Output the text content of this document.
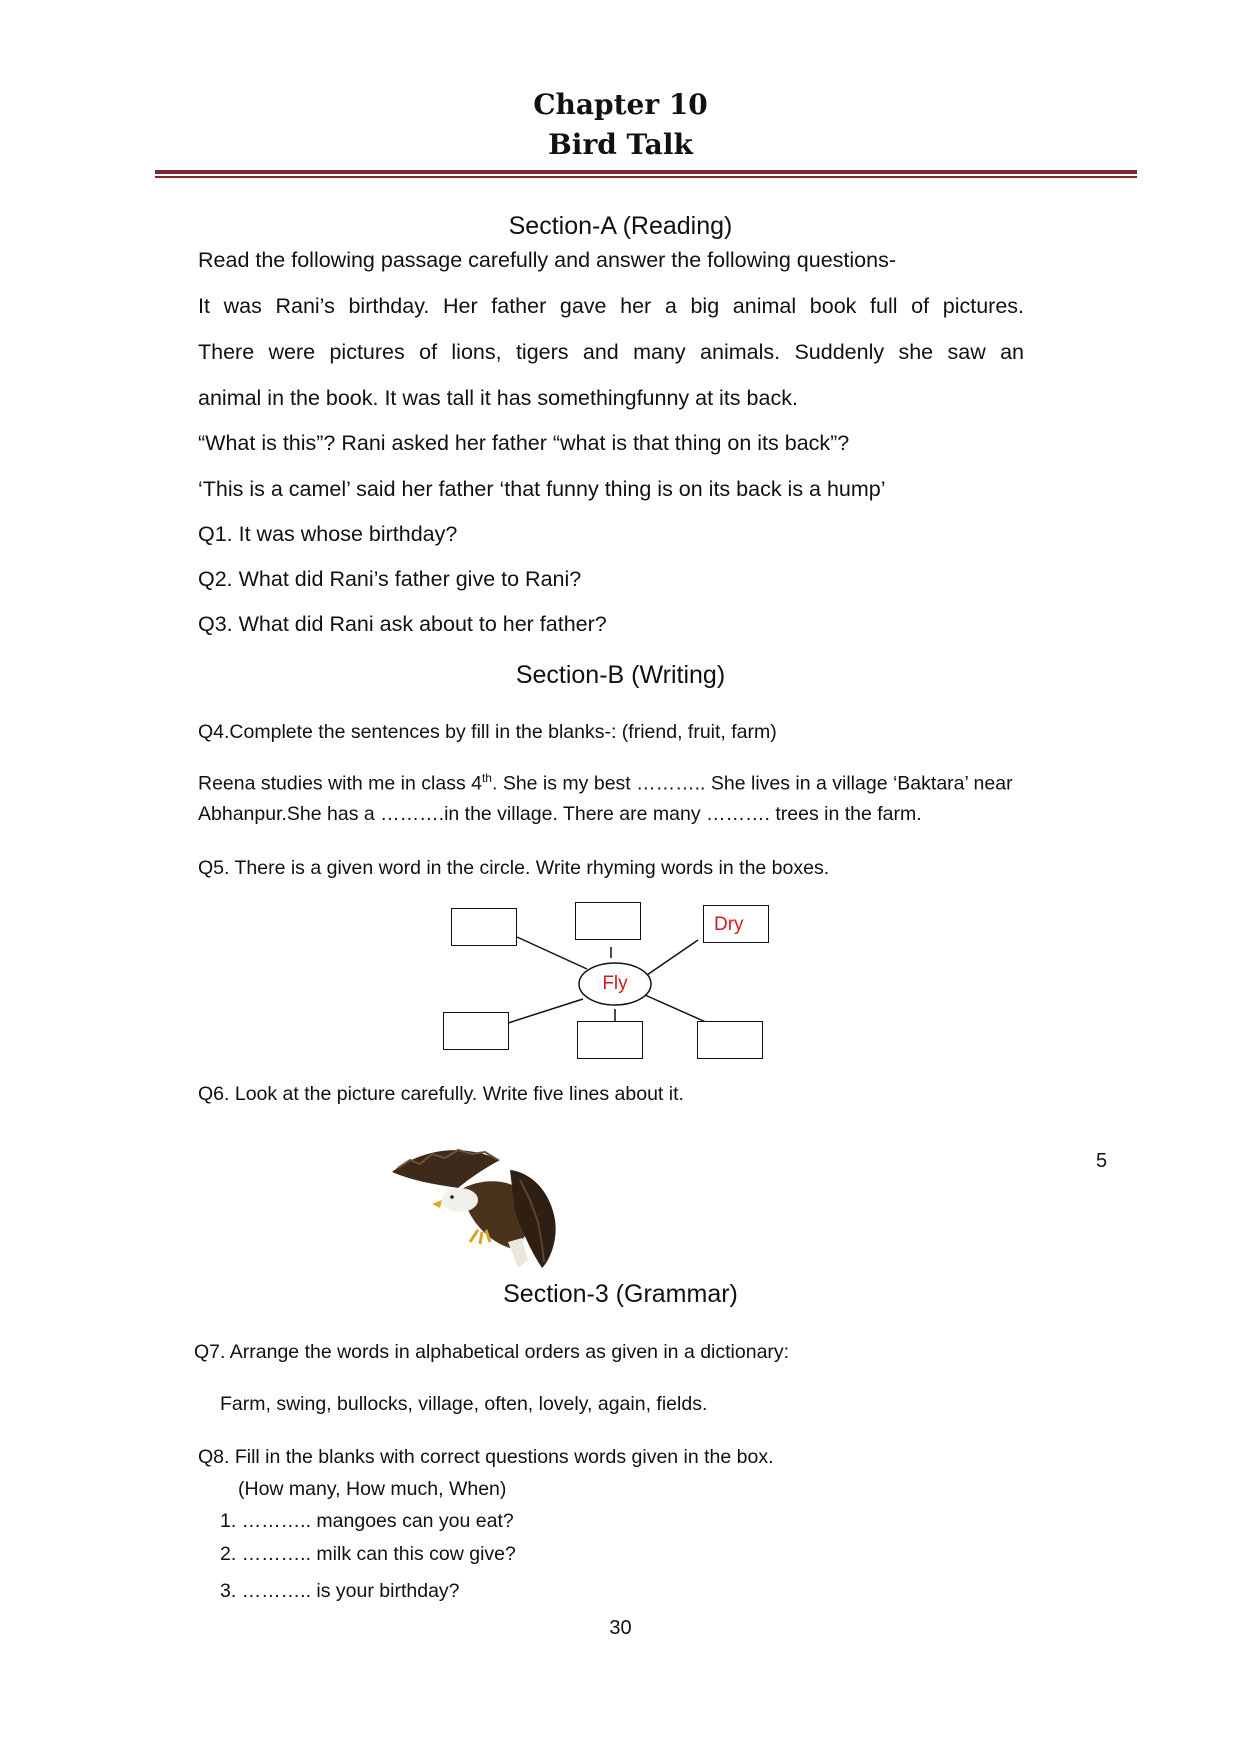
Chapter 10
Bird Talk
Section-A (Reading)

Read the following passage carefully and answer the following questions-

It was Rani’s birthday. Her father gave her a big animal book full of pictures.

There were pictures of lions, tigers and many animals. Suddenly she saw an

animal in the book. It was tall it has somethingfunny at its back.

“What is this”? Rani asked her father “what is that thing on its back”?

‘This is a camel’ said her father ‘that funny thing is on its back is a hump’

Q1. It was whose birthday?

Q2. What did Rani’s father give to Rani?

Q3. What did Rani ask about to her father?

Section-B (Writing)

Q4.Complete the sentences by fill in the blanks-: (friend, fruit, farm)

Reena studies with me in class 4th. She is my best ……….. She lives in a village ‘Baktara’ near

Abhanpur.She has a ……….in the village. There are many ………. trees in the farm.

Q5. There is a given word in the circle. Write rhyming words in the boxes.

Dry
Fly

Q6. Look at the picture carefully. Write five lines about it.

5
Section-3 (Grammar)

Q7. Arrange the words in alphabetical orders as given in a dictionary:

Farm, swing, bullocks, village, often, lovely, again, fields.

Q8. Fill in the blanks with correct questions words given in the box.

(How many, How much, When)

1. ……….. mangoes can you eat?

2. ……….. milk can this cow give?

3. ……….. is your birthday?

30
